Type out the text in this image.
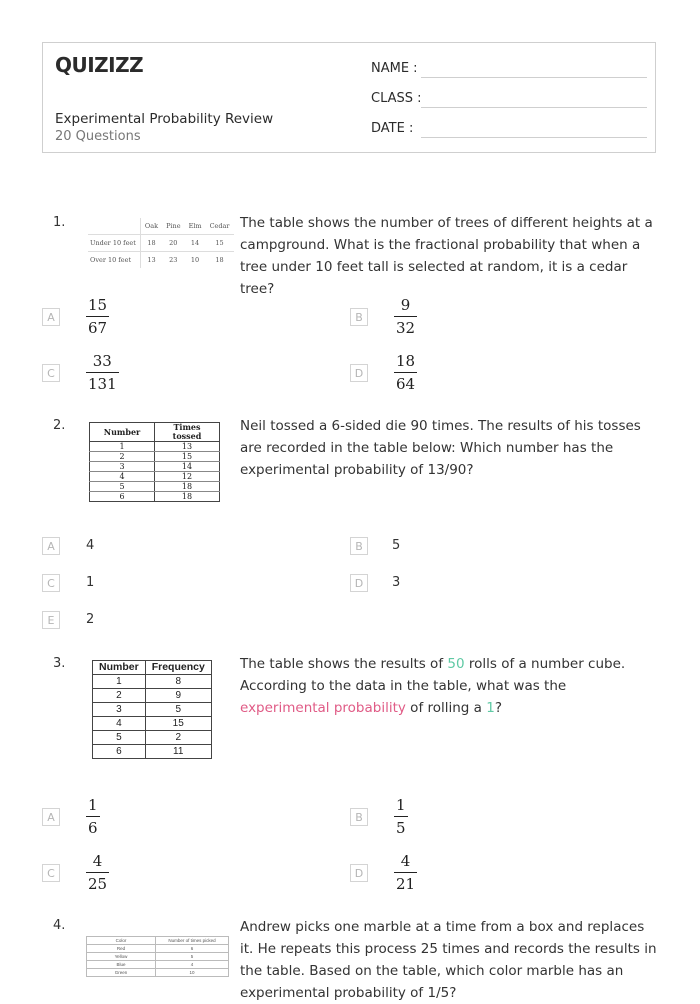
QUIZIZZ
Experimental Probability Review
20 Questions
NAME :
CLASS :
DATE :
1.
		Oak	Pine	Elm	Cedar
Under 10 feet	18	20	14	15
Over 10 feet	13	23	10	18
The table shows the number of trees of different heights at a campground. What is the fractional probability that when a tree under 10 feet tall is selected at random, it is a cedar tree?
A
15
67
B
9
32
C
33
131
D
18
64
2.	Number	Times tossed
1	13
2	15
3	14
4	12
5	18
6	18
Neil tossed a 6-sided die 90 times. The results of his tosses are recorded in the table below: Which number has the experimental probability of 13/90?
A	4	B	5
C	1	D	3
E	2
3.	Number	Frequency
1	8
2	9
3	5
4	15
5	2
6	11
The table shows the results of 50 rolls of a number cube. According to the data in the table, what was the experimental probability of rolling a 1?
A
1
6
B
1
5
C
4
25
D
4
21
4.
Color	Number of times picked
Red	6
Yellow	5
Blue	4
Green	10
Andrew picks one marble at a time from a box and replaces it. He repeats this process 25 times and records the results in the table. Based on the table, which color marble has an experimental probability of 1/5?
